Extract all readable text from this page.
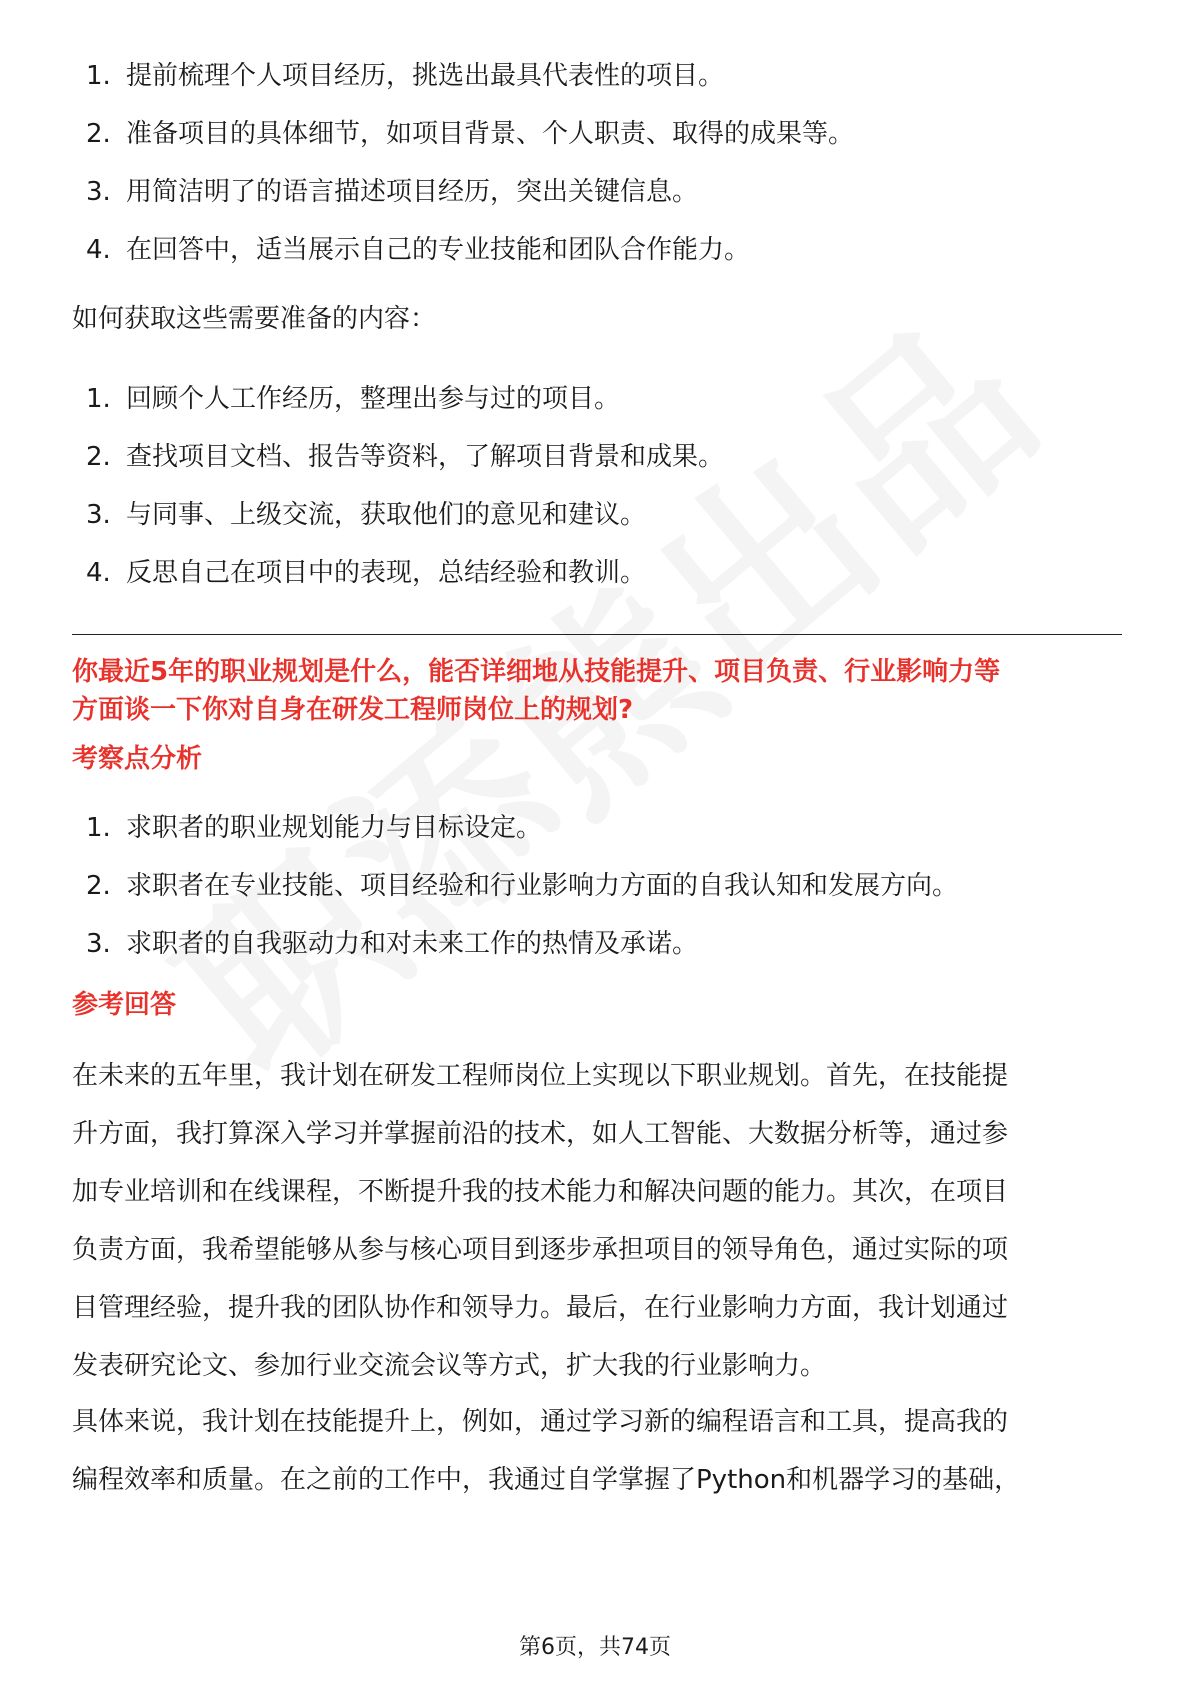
1. 提前梳理个人项目经历，挑选出最具代表性的项目。
2. 准备项目的具体细节，如项目背景、个人职责、取得的成果等。
3. 用简洁明了的语言描述项目经历，突出关键信息。
4. 在回答中，适当展示自己的专业技能和团队合作能力。

如何获取这些需要准备的内容：

1. 回顾个人工作经历，整理出参与过的项目。
2. 查找项目文档、报告等资料，了解项目背景和成果。
3. 与同事、上级交流，获取他们的意见和建议。
4. 反思自己在项目中的表现，总结经验和教训。

你最近5年的职业规划是什么，能否详细地从技能提升、项目负责、行业影响力等

方面谈一下你对自身在研发工程师岗位上的规划?

考察点分析

1. 求职者的职业规划能力与目标设定。
2. 求职者在专业技能、项目经验和行业影响力方面的自我认知和发展方向。
3. 求职者的自我驱动力和对未来工作的热情及承诺。

参考回答

在未来的五年里，我计划在研发工程师岗位上实现以下职业规划。首先，在技能提

升方面，我打算深入学习并掌握前沿的技术，如人工智能、大数据分析等，通过参

加专业培训和在线课程，不断提升我的技术能力和解决问题的能力。其次，在项目

负责方面，我希望能够从参与核心项目到逐步承担项目的领导角色，通过实际的项

目管理经验，提升我的团队协作和领导力。最后，在行业影响力方面，我计划通过

发表研究论文、参加行业交流会议等方式，扩大我的行业影响力。

具体来说，我计划在技能提升上，例如，通过学习新的编程语言和工具，提高我的

编程效率和质量。在之前的工作中，我通过自学掌握了Python和机器学习的基础，

第6页，共74页
